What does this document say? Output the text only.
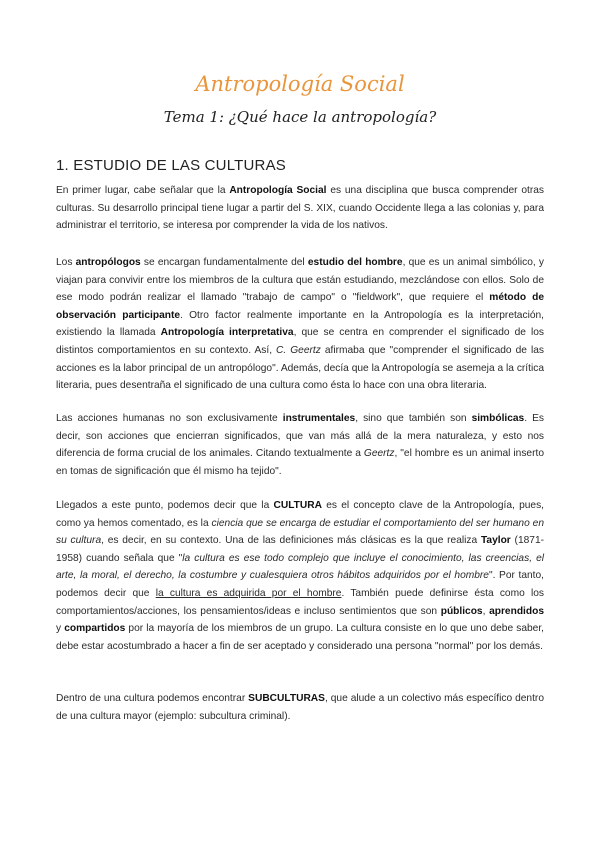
Antropología Social
Tema 1: ¿Qué hace la antropología?
1. ESTUDIO DE LAS CULTURAS

En primer lugar, cabe señalar que la Antropología Social es una disciplina que busca comprender otras culturas. Su desarrollo principal tiene lugar a partir del S. XIX, cuando Occidente llega a las colonias y, para administrar el territorio, se interesa por comprender la vida de los nativos.

Los antropólogos se encargan fundamentalmente del estudio del hombre, que es un animal simbólico, y viajan para convivir entre los miembros de la cultura que están estudiando, mezclándose con ellos. Solo de ese modo podrán realizar el llamado "trabajo de campo" o "fieldwork", que requiere el método de observación participante. Otro factor realmente importante en la Antropología es la interpretación, existiendo la llamada Antropología interpretativa, que se centra en comprender el significado de los distintos comportamientos en su contexto. Así, C. Geertz afirmaba que "comprender el significado de las acciones es la labor principal de un antropólogo". Además, decía que la Antropología se asemeja a la crítica literaria, pues desentraña el significado de una cultura como ésta lo hace con una obra literaria.

Las acciones humanas no son exclusivamente instrumentales, sino que también son simbólicas. Es decir, son acciones que encierran significados, que van más allá de la mera naturaleza, y esto nos diferencia de forma crucial de los animales. Citando textualmente a Geertz, "el hombre es un animal inserto en tomas de significación que él mismo ha tejido".

Llegados a este punto, podemos decir que la CULTURA es el concepto clave de la Antropología, pues, como ya hemos comentado, es la ciencia que se encarga de estudiar el comportamiento del ser humano en su cultura, es decir, en su contexto. Una de las definiciones más clásicas es la que realiza Taylor (1871-1958) cuando señala que "la cultura es ese todo complejo que incluye el conocimiento, las creencias, el arte, la moral, el derecho, la costumbre y cualesquiera otros hábitos adquiridos por el hombre". Por tanto, podemos decir que la cultura es adquirida por el hombre. También puede definirse ésta como los comportamientos/acciones, los pensamientos/ideas e incluso sentimientos que son públicos, aprendidos y compartidos por la mayoría de los miembros de un grupo. La cultura consiste en lo que uno debe saber, debe estar acostumbrado a hacer a fin de ser aceptado y considerado una persona "normal" por los demás.

Dentro de una cultura podemos encontrar SUBCULTURAS, que alude a un colectivo más específico dentro de una cultura mayor (ejemplo: subcultura criminal).
